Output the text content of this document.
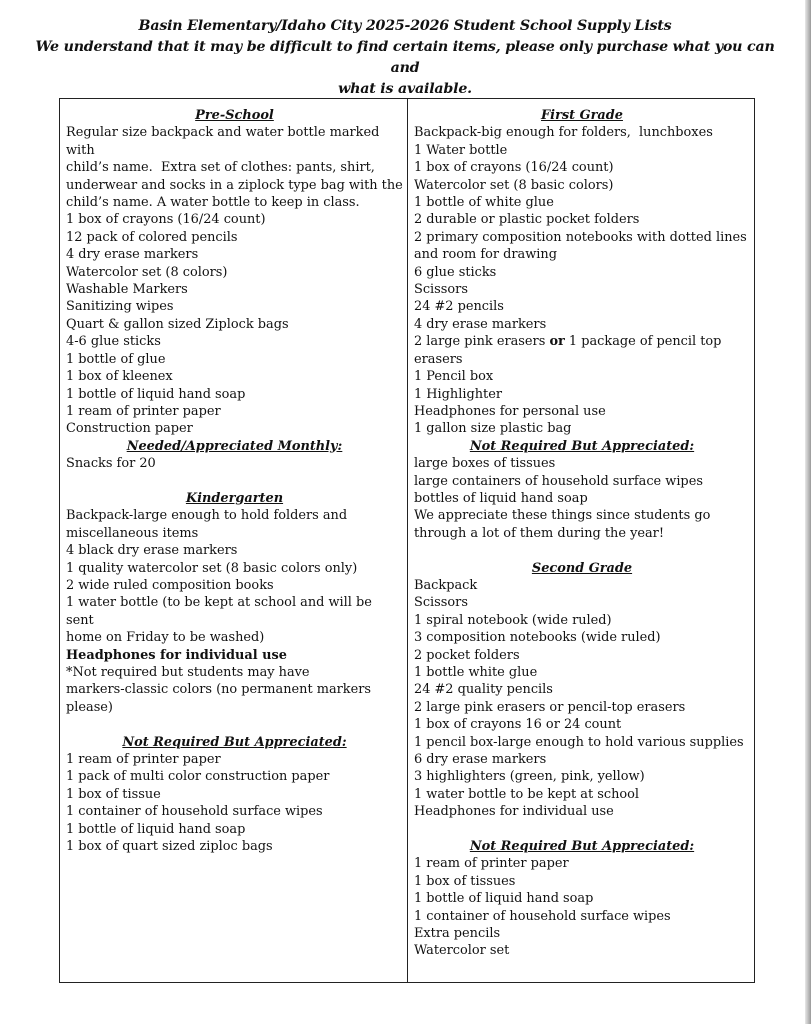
Basin Elementary/Idaho City 2025-2026 Student School Supply Lists
We understand that it may be difficult to find certain items, please only purchase what you can and
what is available.
Pre-School
Regular size backpack and water bottle marked with
child’s name.  Extra set of clothes: pants, shirt,
underwear and socks in a ziplock type bag with the
child’s name. A water bottle to keep in class.
1 box of crayons (16/24 count)
12 pack of colored pencils
4 dry erase markers
Watercolor set (8 colors)
Washable Markers
Sanitizing wipes
Quart & gallon sized Ziplock bags
4-6 glue sticks
1 bottle of glue
1 box of kleenex
1 bottle of liquid hand soap
1 ream of printer paper
Construction paper
Needed/Appreciated Monthly:
Snacks for 20
Kindergarten
Backpack-large enough to hold folders and
miscellaneous items
4 black dry erase markers
1 quality watercolor set (8 basic colors only)
2 wide ruled composition books
1 water bottle (to be kept at school and will be sent
home on Friday to be washed)
Headphones for individual use
*Not required but students may have
markers-classic colors (no permanent markers
please)
Not Required But Appreciated:
1 ream of printer paper
1 pack of multi color construction paper
1 box of tissue
1 container of household surface wipes
1 bottle of liquid hand soap
1 box of quart sized ziploc bags
First Grade
Backpack-big enough for folders,  lunchboxes
1 Water bottle
1 box of crayons (16/24 count)
Watercolor set (8 basic colors)
1 bottle of white glue
2 durable or plastic pocket folders
2 primary composition notebooks with dotted lines
and room for drawing
6 glue sticks
Scissors
24 #2 pencils
4 dry erase markers
2 large pink erasers or 1 package of pencil top
erasers
1 Pencil box
1 Highlighter
Headphones for personal use
1 gallon size plastic bag
Not Required But Appreciated:
large boxes of tissues
large containers of household surface wipes
bottles of liquid hand soap
We appreciate these things since students go
through a lot of them during the year!
Second Grade
Backpack
Scissors
1 spiral notebook (wide ruled)
3 composition notebooks (wide ruled)
2 pocket folders
1 bottle white glue
24 #2 quality pencils
2 large pink erasers or pencil-top erasers
1 box of crayons 16 or 24 count
1 pencil box-large enough to hold various supplies
6 dry erase markers
3 highlighters (green, pink, yellow)
1 water bottle to be kept at school
Headphones for individual use
Not Required But Appreciated:
1 ream of printer paper
1 box of tissues
1 bottle of liquid hand soap
1 container of household surface wipes
Extra pencils
Watercolor set
